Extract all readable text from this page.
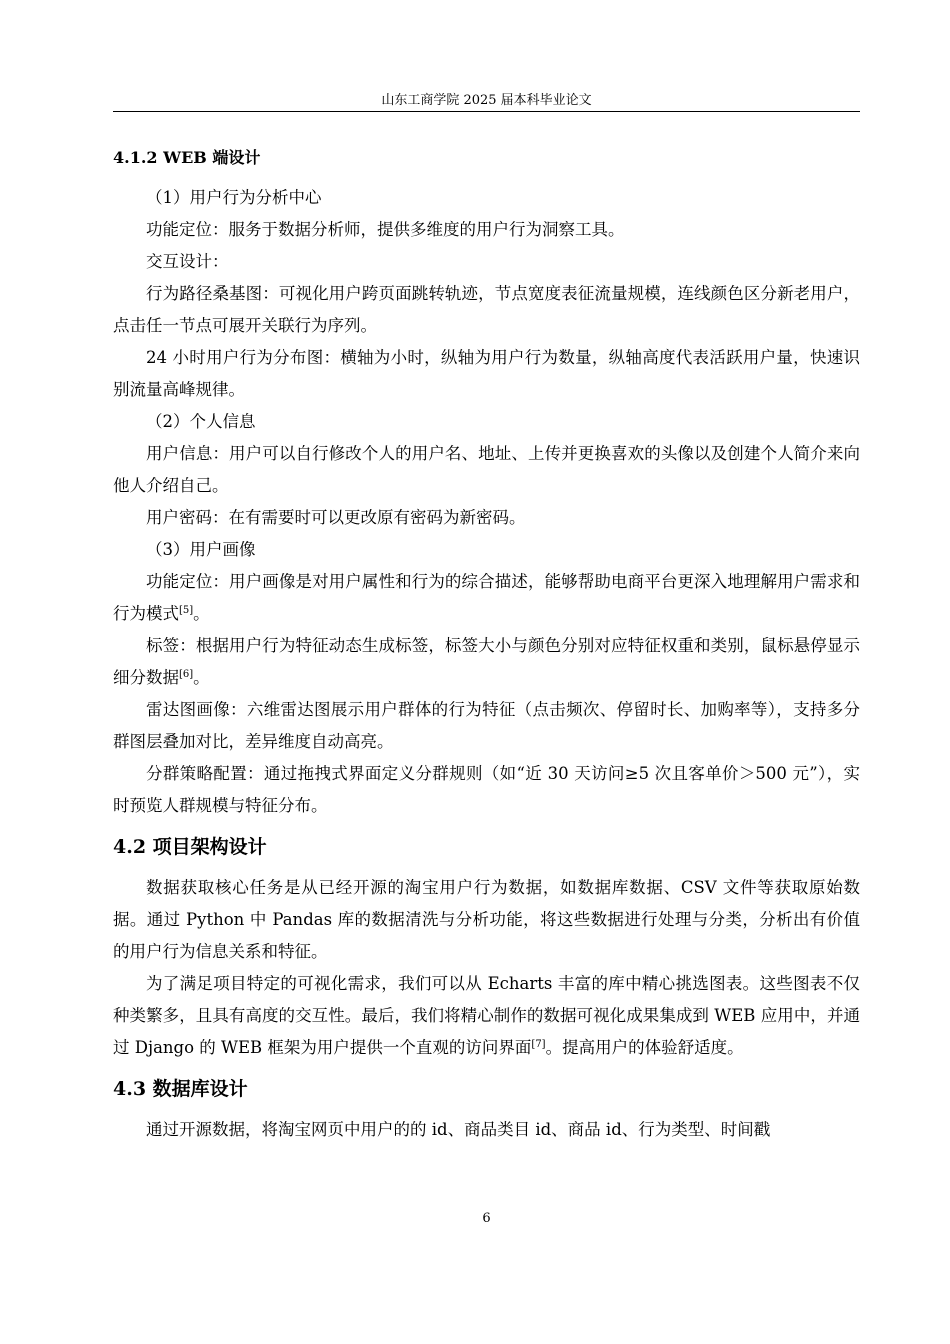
山东工商学院 2025 届本科毕业论文
4.1.2 WEB 端设计

（1）用户行为分析中心

功能定位：服务于数据分析师，提供多维度的用户行为洞察工具。

交互设计：

行为路径桑基图：可视化用户跨页面跳转轨迹，节点宽度表征流量规模，连线颜色区分新老用户，点击任一节点可展开关联行为序列。

24 小时用户行为分布图：横轴为小时，纵轴为用户行为数量，纵轴高度代表活跃用户量，快速识别流量高峰规律。

（2）个人信息

用户信息：用户可以自行修改个人的用户名、地址、上传并更换喜欢的头像以及创建个人简介来向他人介绍自己。

用户密码：在有需要时可以更改原有密码为新密码。

（3）用户画像

功能定位：用户画像是对用户属性和行为的综合描述，能够帮助电商平台更深入地理解用户需求和行为模式[5]。

标签：根据用户行为特征动态生成标签，标签大小与颜色分别对应特征权重和类别，鼠标悬停显示细分数据[6]。

雷达图画像：六维雷达图展示用户群体的行为特征（点击频次、停留时长、加购率等），支持多分群图层叠加对比，差异维度自动高亮。

分群策略配置：通过拖拽式界面定义分群规则（如“近 30 天访问≥5 次且客单价＞500 元”），实时预览人群规模与特征分布。

4.2 项目架构设计

数据获取核心任务是从已经开源的淘宝用户行为数据，如数据库数据、CSV 文件等获取原始数据。通过 Python 中 Pandas 库的数据清洗与分析功能，将这些数据进行处理与分类，分析出有价值的用户行为信息关系和特征。

为了满足项目特定的可视化需求，我们可以从 Echarts 丰富的库中精心挑选图表。这些图表不仅种类繁多，且具有高度的交互性。最后，我们将精心制作的数据可视化成果集成到 WEB 应用中，并通过 Django 的 WEB 框架为用户提供一个直观的访问界面[7]。提高用户的体验舒适度。

4.3 数据库设计

通过开源数据，将淘宝网页中用户的的 id、商品类目 id、商品 id、行为类型、时间戳

6
